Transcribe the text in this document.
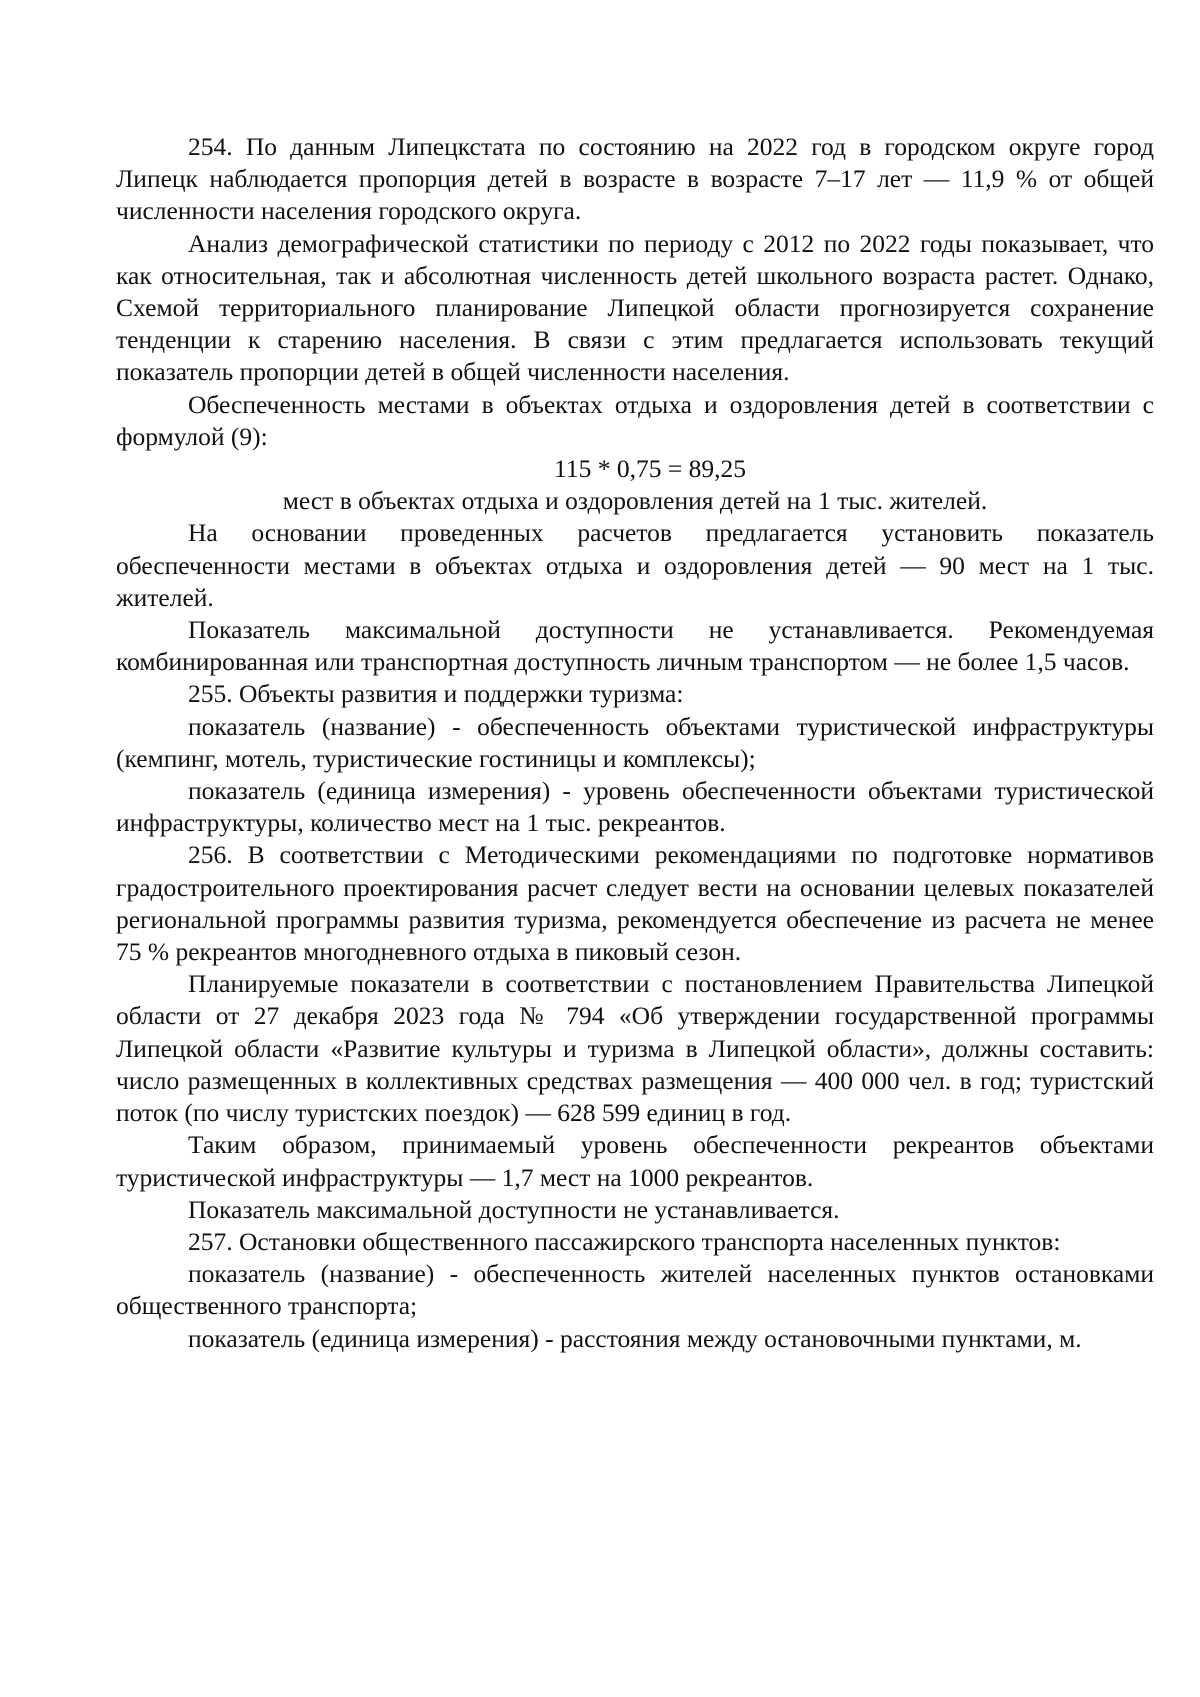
254. По данным Липецкстата по состоянию на 2022 год в городском округе город Липецк наблюдается пропорция детей в возрасте в возрасте 7–17 лет — 11,9 % от общей численности населения городского округа.

Анализ демографической статистики по периоду с 2012 по 2022 годы показывает, что как относительная, так и абсолютная численность детей школьного возраста растет. Однако, Схемой территориального планирование Липецкой области прогнозируется сохранение тенденции к старению населения. В связи с этим предлагается использовать текущий показатель пропорции детей в общей численности населения.

Обеспеченность местами в объектах отдыха и оздоровления детей в соответствии с формулой (9):

115 * 0,75 = 89,25

мест в объектах отдыха и оздоровления детей на 1 тыс. жителей.

На основании проведенных расчетов предлагается установить показатель обеспеченности местами в объектах отдыха и оздоровления детей — 90 мест на 1 тыс. жителей.

Показатель максимальной доступности не устанавливается. Рекомендуемая комбинированная или транспортная доступность личным транспортом — не более 1,5 часов.

255. Объекты развития и поддержки туризма:

показатель (название) - обеспеченность объектами туристической инфраструктуры (кемпинг, мотель, туристические гостиницы и комплексы);

показатель (единица измерения) - уровень обеспеченности объектами туристической инфраструктуры, количество мест на 1 тыс. рекреантов.

256. В соответствии с Методическими рекомендациями по подготовке нормативов градостроительного проектирования расчет следует вести на основании целевых показателей региональной программы развития туризма, рекомендуется обеспечение из расчета не менее 75 % рекреантов многодневного отдыха в пиковый сезон.

Планируемые показатели в соответствии с постановлением Правительства Липецкой области от 27 декабря 2023 года № 794 «Об утверждении государственной программы Липецкой области «Развитие культуры и туризма в Липецкой области», должны составить: число размещенных в коллективных средствах размещения — 400 000 чел. в год; туристский поток (по числу туристских поездок) — 628 599 единиц в год.

Таким образом, принимаемый уровень обеспеченности рекреантов объектами туристической инфраструктуры — 1,7 мест на 1000 рекреантов.

Показатель максимальной доступности не устанавливается.

257. Остановки общественного пассажирского транспорта населенных пунктов:

показатель (название) - обеспеченность жителей населенных пунктов остановками общественного транспорта;

показатель (единица измерения) - расстояния между остановочными пунктами, м.
